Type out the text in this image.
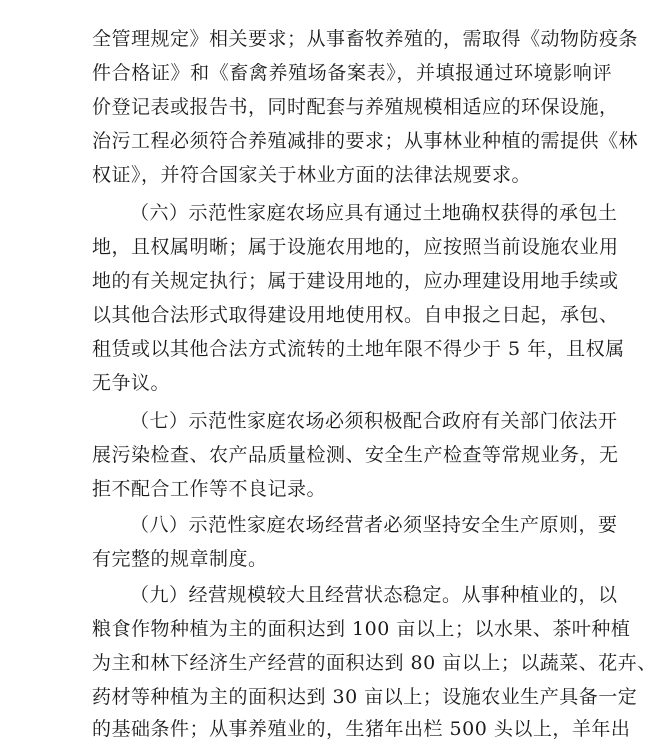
全管理规定》相关要求；从事畜牧养殖的，需取得《动物防疫条
件合格证》和《畜禽养殖场备案表》，并填报通过环境影响评
价登记表或报告书，同时配套与养殖规模相适应的环保设施，
治污工程必须符合养殖减排的要求；从事林业种植的需提供《林
权证》，并符合国家关于林业方面的法律法规要求。
（六）示范性家庭农场应具有通过土地确权获得的承包土
地，且权属明晰；属于设施农用地的，应按照当前设施农业用
地的有关规定执行；属于建设用地的，应办理建设用地手续或
以其他合法形式取得建设用地使用权。自申报之日起，承包、
租赁或以其他合法方式流转的土地年限不得少于 5 年，且权属
无争议。
（七）示范性家庭农场必须积极配合政府有关部门依法开
展污染检查、农产品质量检测、安全生产检查等常规业务，无
拒不配合工作等不良记录。
（八）示范性家庭农场经营者必须坚持安全生产原则，要
有完整的规章制度。
（九）经营规模较大且经营状态稳定。从事种植业的，以
粮食作物种植为主的面积达到 100 亩以上；以水果、茶叶种植
为主和林下经济生产经营的面积达到 80 亩以上；以蔬菜、花卉、
药材等种植为主的面积达到 30 亩以上；设施农业生产具备一定
的基础条件；从事养殖业的，生猪年出栏 500 头以上，羊年出
